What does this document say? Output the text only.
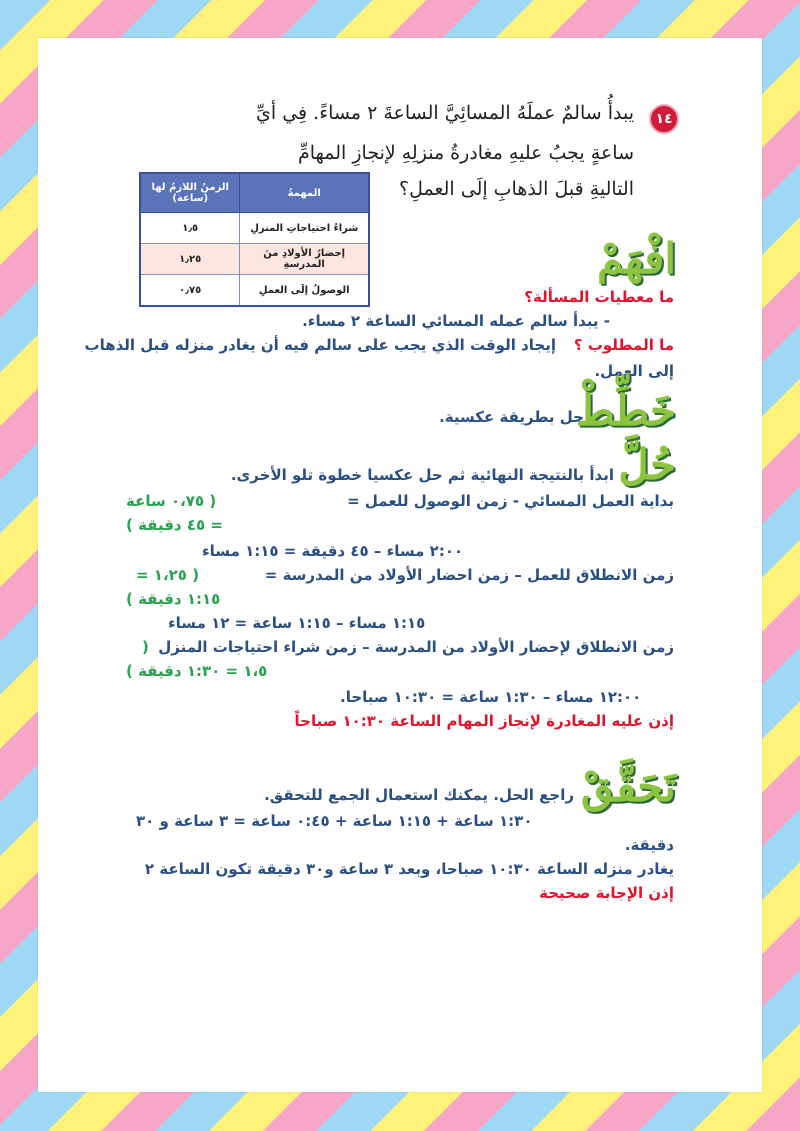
١٤
يبدأُ سالمٌ عملَهُ المسائِيَّ الساعةَ ٢ مساءً. فِي أيِّ
ساعةٍ يجبُ عليهِ مغادرةُ منزلِهِ لإنجازِ المهامِّ
التاليةِ قبلَ الذهابِ إلَى العملِ؟
المهمةُ	الزمنُ اللازمُ لها
(ساعة)

شراءُ احتياجاتِ المنزلِ	١٫٥
إحضارُ الأولادِ منَ المدرسةِ	١٫٢٥
الوصولُ إلَى العملِ	٠٫٧٥
افْهَمْ
ما معطيات المسألة؟
- يبدأ سالم عمله المسائي الساعة ٢ مساء.
ما المطلوب ؟
إيجاد الوقت الذي يجب على سالم فيه أن يغادر منزله قبل الذهاب
إلى العمل.
خَطِّطْ
حل بطريقة عكسية.
حُلَّ
ابدأ بالنتيجة النهائية ثم حل عكسيا خطوة تلو الأخرى.
بداية العمل المسائي - زمن الوصول للعمل =
( ٠،٧٥ ساعة
= ٤٥ دقيقة )
٢:٠٠ مساء – ٤٥ دقيقة = ١:١٥ مساء
زمن الانطلاق للعمل – زمن احضار الأولاد من المدرسة =
( ١،٢٥ =
١:١٥ دقيقة )
١:١٥ مساء – ١:١٥ ساعة = ١٢ مساء
زمن الانطلاق لإحضار الأولاد من المدرسة – زمن شراء احتياجات المنزل
(
١،٥ = ١:٣٠ دقيقة )
١٢:٠٠ مساء – ١:٣٠ ساعة = ١٠:٣٠ صباحا.
إذن عليه المغادرة لإنجاز المهام الساعة ١٠:٣٠ صباحاً
تَحَقَّقْ
راجع الحل. يمكنك استعمال الجمع للتحقق.
١:٣٠ ساعة + ١:١٥ ساعة + ٠:٤٥ ساعة = ٣ ساعة و ٣٠
دقيقة.
يغادر منزله الساعة ١٠:٣٠ صباحا، وبعد ٣ ساعة و٣٠ دقيقة تكون الساعة ٢
إذن الإجابة صحيحة
